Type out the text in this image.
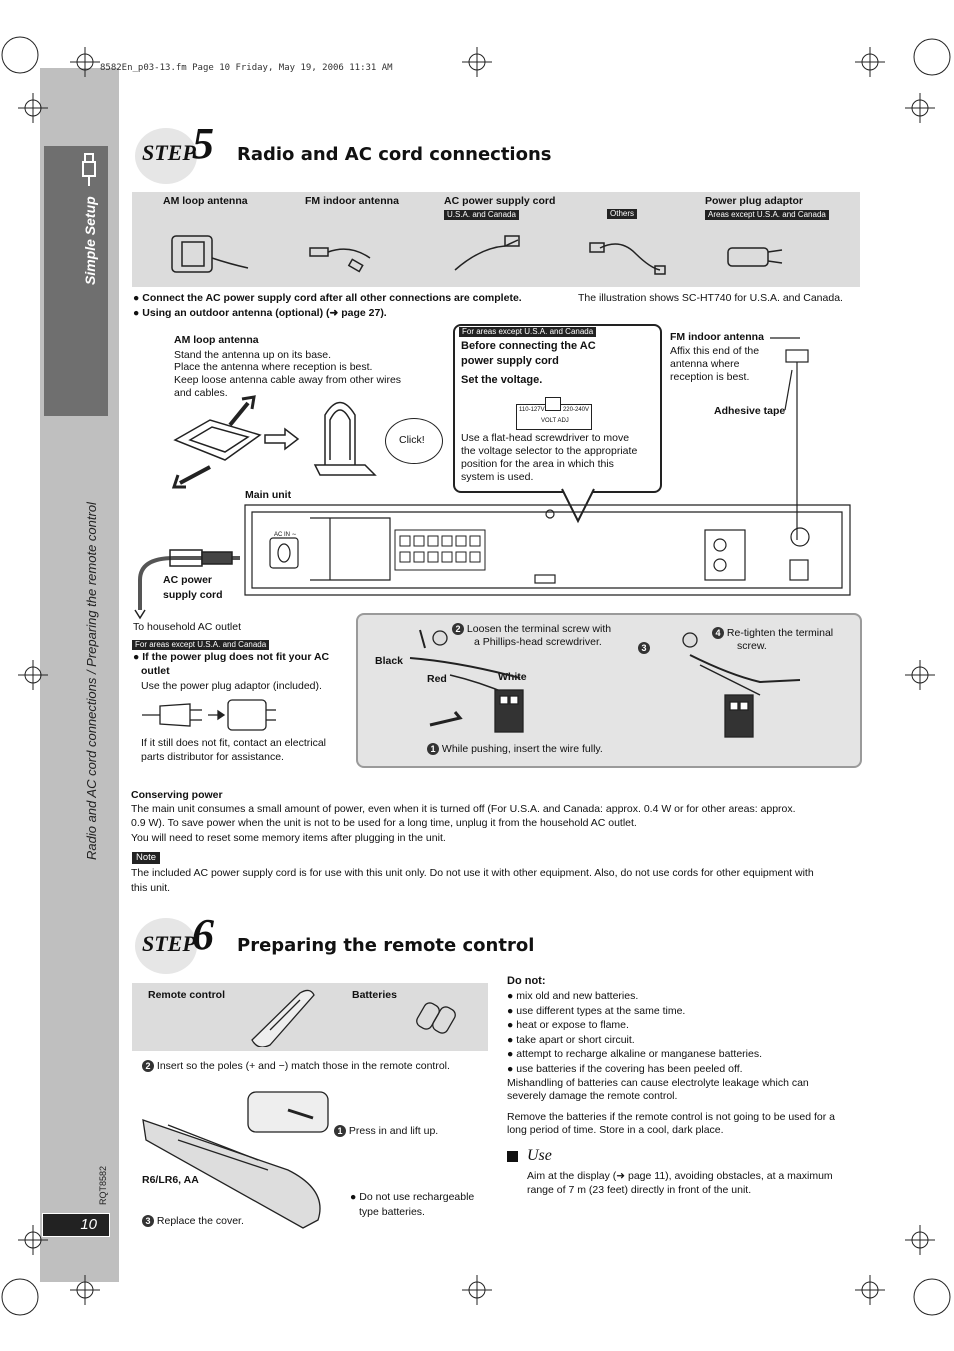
Simple Setup
Radio and AC cord connections / Preparing the remote control
RQT8582
10
8582En_p03-13.fm Page 10 Friday, May 19, 2006 11:31 AM
STEP
5 Radio and AC cord connections
AM loop antenna	FM indoor antenna	AC power supply cord
U.S.A. and Canada	Others
Power plug adaptor
Areas except U.S.A. and Canada
● Connect the AC power supply cord after all other connections are complete.
● Using an outdoor antenna (optional) (➜ page 27).
The illustration shows SC-HT740 for U.S.A. and Canada.
AM loop antenna
Stand the antenna up on its base.
Place the antenna where reception is best.
Keep loose antenna cable away from other wires
and cables.
Click!
Main unit
For areas except U.S.A. and Canada
Before connecting the AC
power supply cord
Set the voltage.
110-127V	220-240V
VOLT ADJ
Use a flat-head screwdriver to move
the voltage selector to the appropriate
position for the area in which this
system is used.
FM indoor antenna
Affix this end of the
antenna where
reception is best.
Adhesive tape
AC IN ∼
AC power
supply cord
To household AC outlet
For areas except U.S.A. and Canada
● If the power plug does not fit your AC
outlet
Use the power plug adaptor (included).
If it still does not fit, contact an electrical
parts distributor for assistance.
2 Loosen the terminal screw with
a Phillips-head screwdriver.
4 Re-tighten the terminal
screw.
3
Black
Red	White
1 While pushing, insert the wire fully.
Conserving power
The main unit consumes a small amount of power, even when it is turned off (For U.S.A. and Canada: approx. 0.4 W or for other areas: approx.
0.9 W). To save power when the unit is not to be used for a long time, unplug it from the household AC outlet.
You will need to reset some memory items after plugging in the unit.
Note
The included AC power supply cord is for use with this unit only. Do not use it with other equipment. Also, do not use cords for other equipment with
this unit.
STEP
6 Preparing the remote control
Remote control	Batteries
2 Insert so the poles (+ and −) match those in the remote control.
1 Press in and lift up.
R6/LR6, AA
● Do not use rechargeable
type batteries.
3 Replace the cover.
Do not:
● mix old and new batteries.
● use different types at the same time.
● heat or expose to flame.
● take apart or short circuit.
● attempt to recharge alkaline or manganese batteries.
● use batteries if the covering has been peeled off.
Mishandling of batteries can cause electrolyte leakage which can
severely damage the remote control.
Remove the batteries if the remote control is not going to be used for a
long period of time. Store in a cool, dark place.
Use
Aim at the display (➜ page 11), avoiding obstacles, at a maximum
range of 7 m (23 feet) directly in front of the unit.
